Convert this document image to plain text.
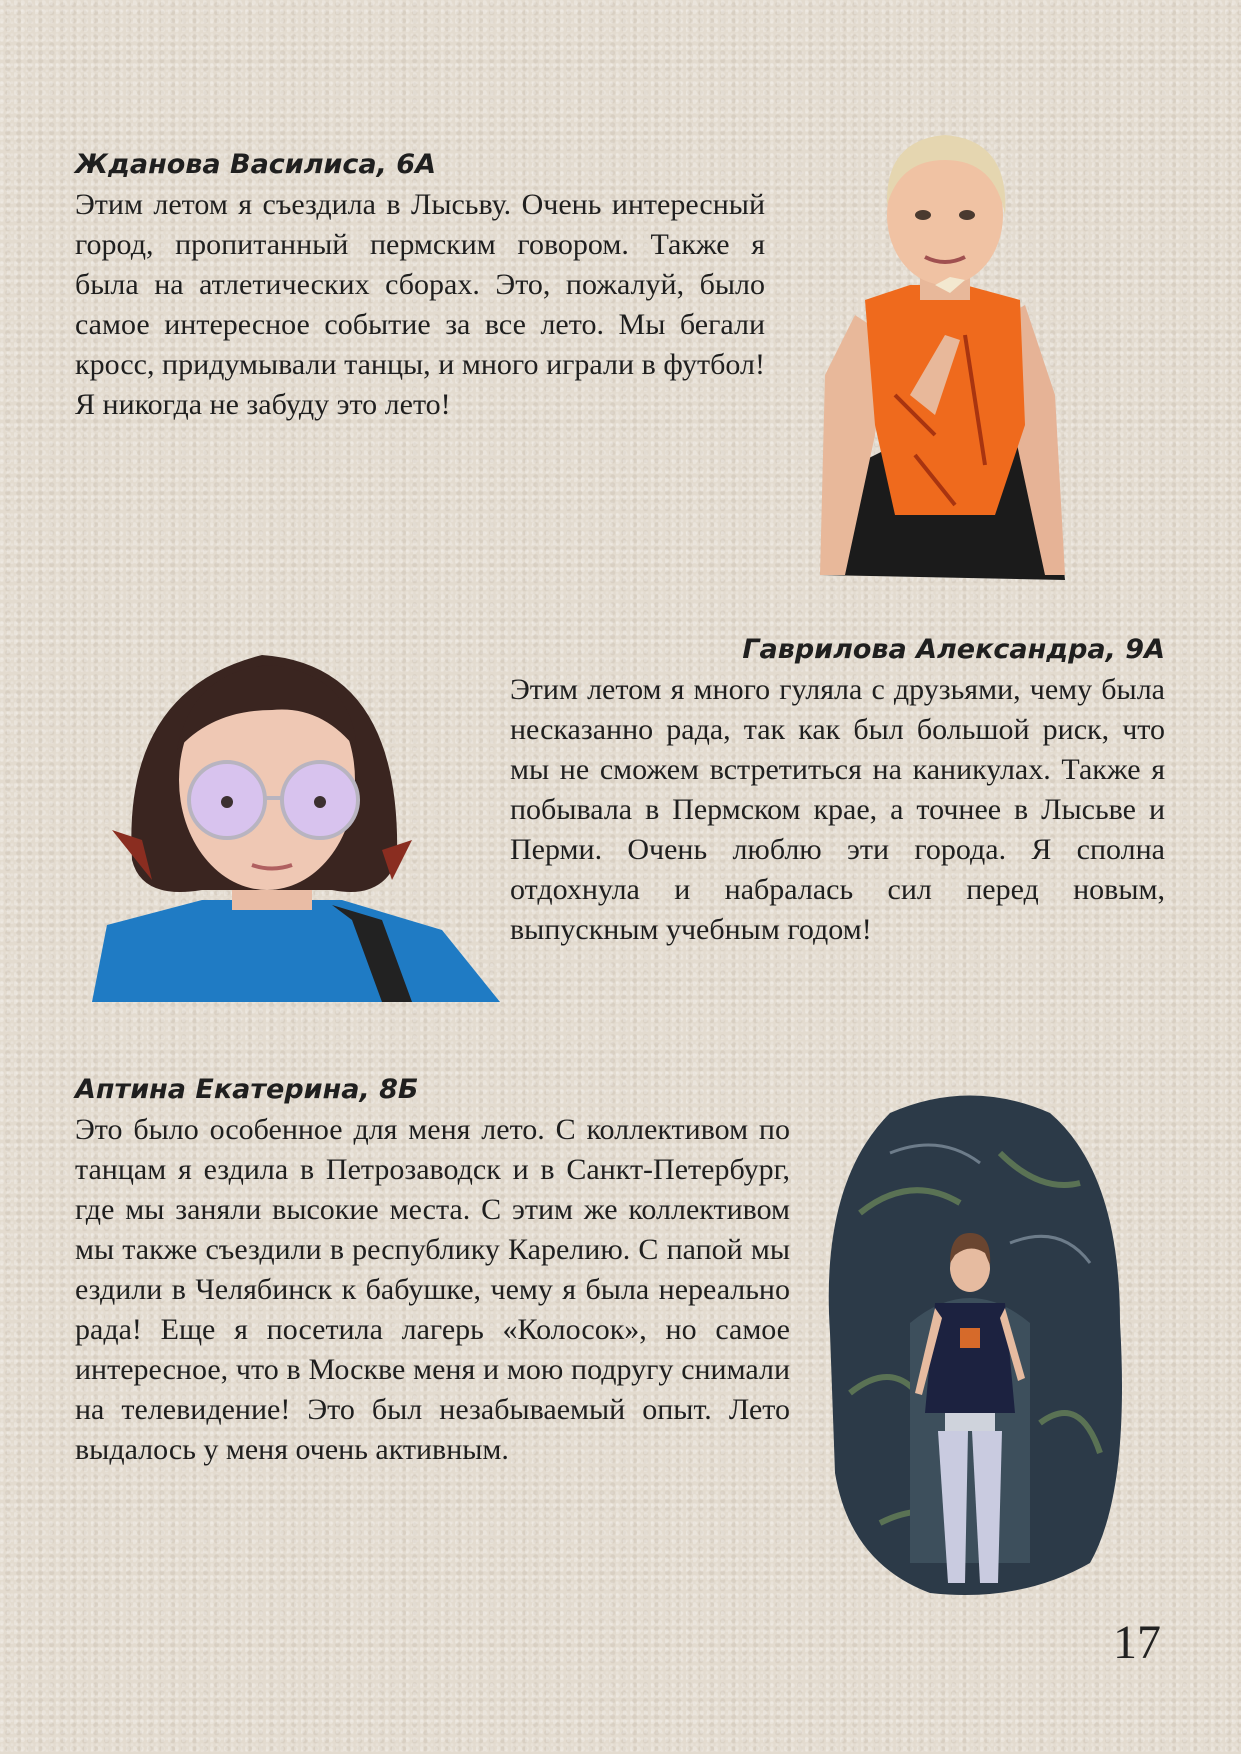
Жданова Василиса, 6А

Этим летом я съездила в Лысьву. Очень интересный город, пропитанный пермским говором. Также я была на атлетических сборах. Это, пожалуй, было самое интересное событие за все лето. Мы бегали кросс, придумывали танцы, и много играли в футбол! Я никогда не забуду это лето!

Гаврилова Александра, 9А

Этим летом я много гуляла с друзьями, чему была несказанно рада, так как был большой риск, что мы не сможем встретиться на каникулах. Также я побывала в Пермском крае, а точнее в Лысьве и Перми. Очень люблю эти города. Я сполна отдохнула и набралась сил перед новым, выпускным учебным годом!

Аптина Екатерина, 8Б

Это было особенное для меня лето. С коллективом по танцам я ездила в Петрозаводск и в Санкт-Петербург, где мы заняли высокие места. С этим же коллективом мы также съездили в республику Карелию. С папой мы ездили в Челябинск к бабушке, чему я была нереально рада! Еще я посетила лагерь «Колосок», но самое интересное, что в Москве меня и мою подругу снимали на телевидение! Это был незабываемый опыт. Лето выдалось у меня очень активным.

17
